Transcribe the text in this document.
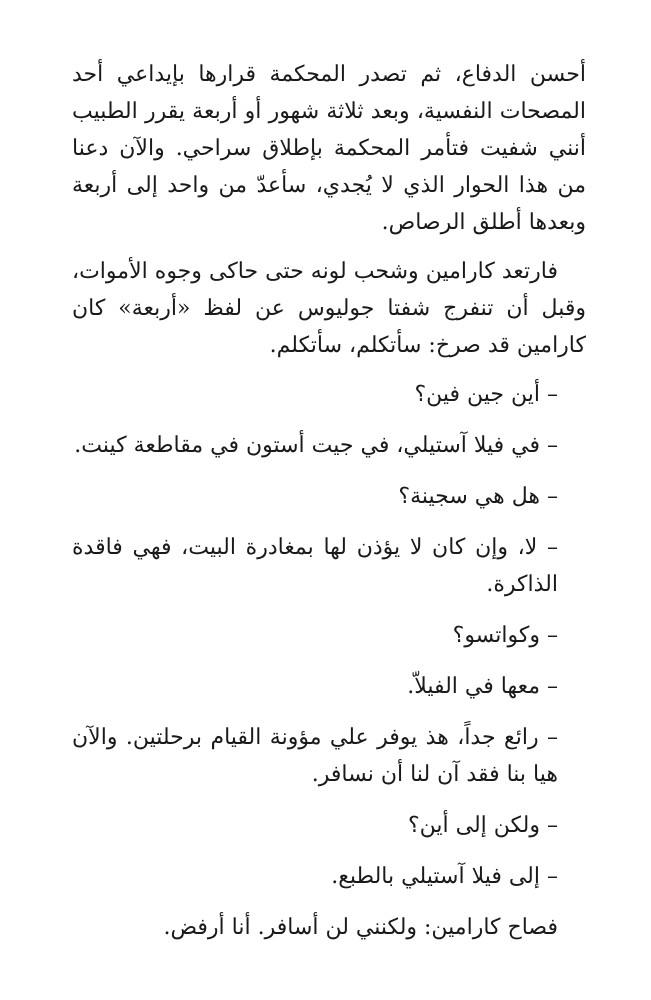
أحسن الدفاع، ثم تصدر المحكمة قرارها بإيداعي أحد المصحات النفسية، وبعد ثلاثة شهور أو أربعة يقرر الطبيب أنني شفيت فتأمر المحكمة بإطلاق سراحي. والآن دعنا من هذا الحوار الذي لا يُجدي، سأعدّ من واحد إلى أربعة وبعدها أطلق الرصاص.

فارتعد كارامين وشحب لونه حتى حاكى وجوه الأموات، وقبل أن تنفرج شفتا جوليوس عن لفظ «أربعة» كان كارامين قد صرخ: سأتكلم، سأتكلم.

– أين جين فين؟

– في فيلا آستيلي، في جيت أستون في مقاطعة كينت.

– هل هي سجينة؟

– لا، وإن كان لا يؤذن لها بمغادرة البيت، فهي فاقدة الذاكرة.

– وكواتسو؟

– معها في الفيلاّ.

– رائع جداً، هذ يوفر علي مؤونة القيام برحلتين. والآن هيا بنا فقد آن لنا أن نسافر.

– ولكن إلى أين؟

– إلى فيلا آستيلي بالطبع.

فصاح كارامين: ولكنني لن أسافر. أنا أرفض.
